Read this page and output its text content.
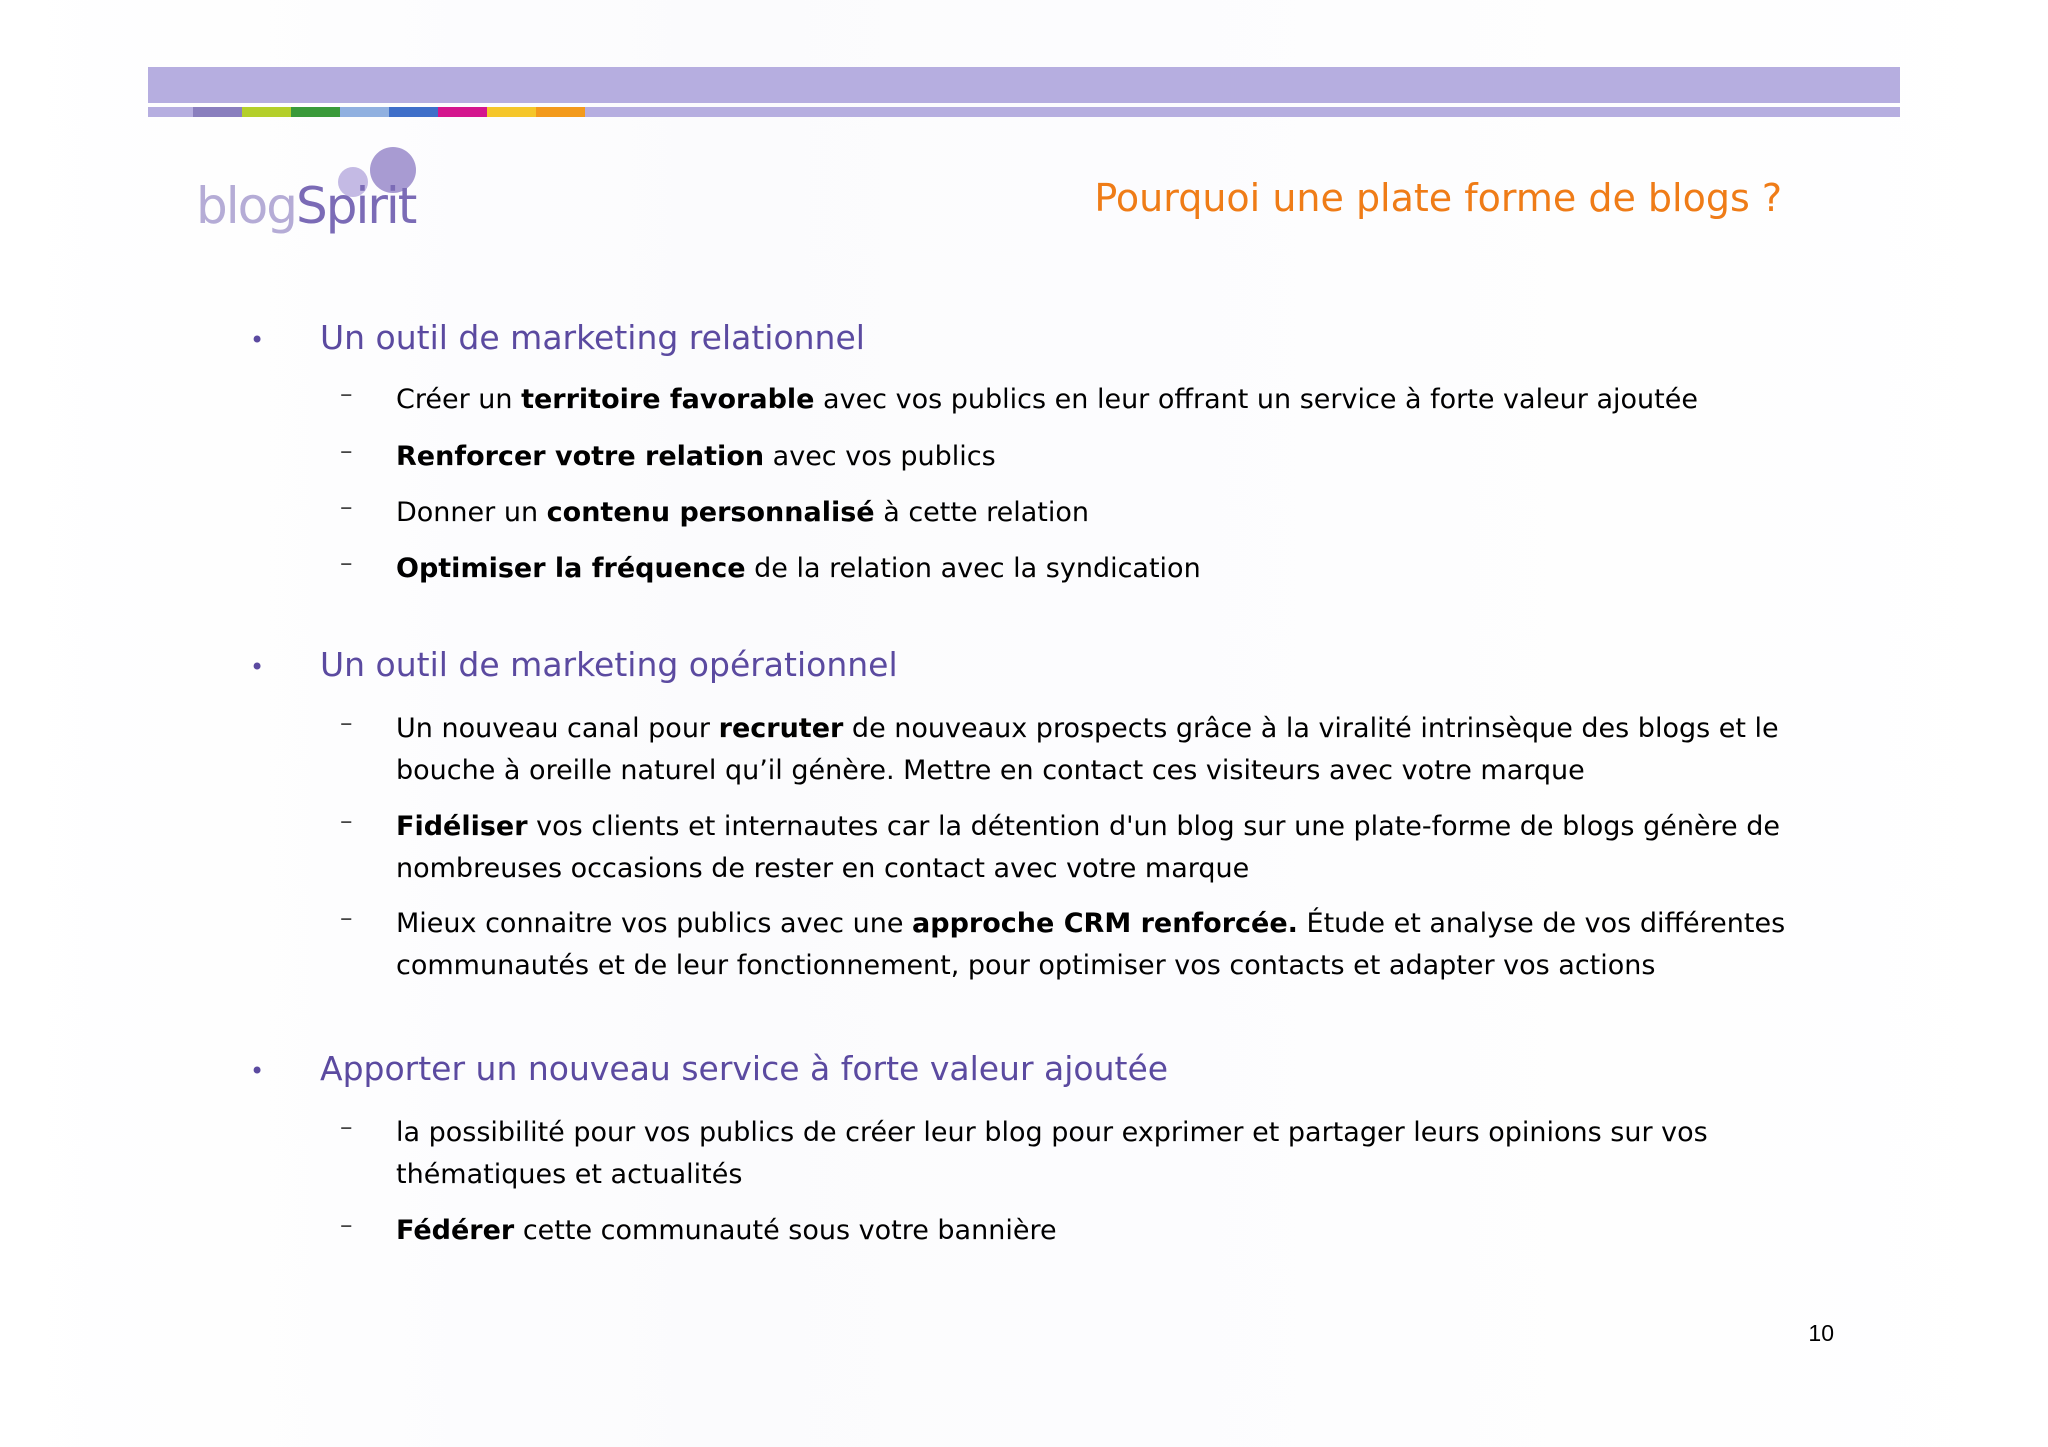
blogSpirit	Pourquoi une plate forme de blogs ?
• Un outil de marketing relationnel
– Créer un territoire favorable avec vos publics en leur offrant un service à forte valeur ajoutée
– Renforcer votre relation avec vos publics
– Donner un contenu personnalisé à cette relation
– Optimiser la fréquence de la relation avec la syndication
• Un outil de marketing opérationnel
– Un nouveau canal pour recruter de nouveaux prospects grâce à la viralité intrinsèque des blogs et le bouche à oreille naturel qu’il génère. Mettre en contact ces visiteurs avec votre marque
– Fidéliser vos clients et internautes car la détention d'un blog sur une plate-forme de blogs génère de nombreuses occasions de rester en contact avec votre marque
– Mieux connaitre vos publics avec une approche CRM renforcée. Étude et analyse de vos différentes communautés et de leur fonctionnement, pour optimiser vos contacts et adapter vos actions
• Apporter un nouveau service à forte valeur ajoutée
– la possibilité pour vos publics de créer leur blog pour exprimer et partager leurs opinions sur vos thématiques et actualités
– Fédérer cette communauté sous votre bannière
10
